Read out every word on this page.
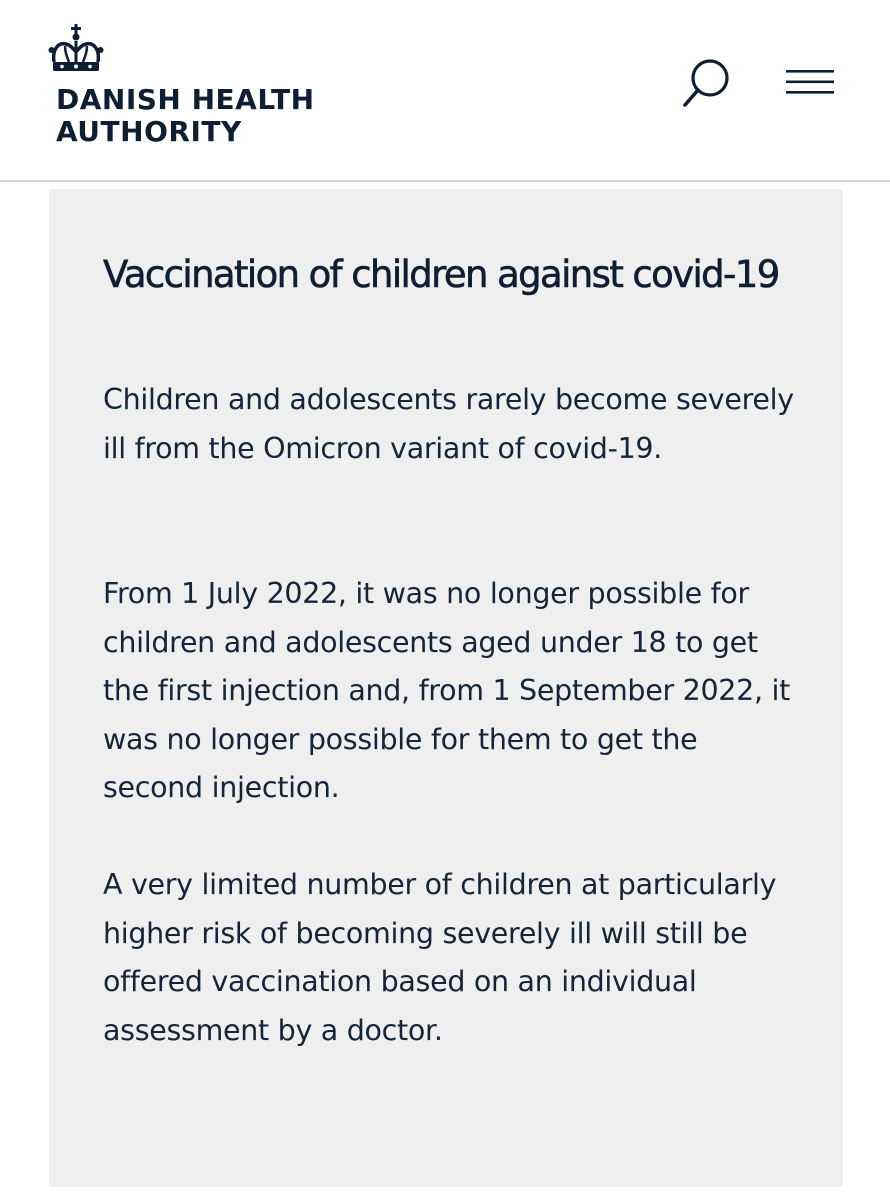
DANISH HEALTH
AUTHORITY

Vaccination of children against covid-19

Children and adolescents rarely become severely ill from the Omicron variant of covid-19.

From 1 July 2022, it was no longer possible for children and adolescents aged under 18 to get the first injection and, from 1 September 2022, it was no longer possible for them to get the second injection.

A very limited number of children at particularly higher risk of becoming severely ill will still be offered vaccination based on an individual assessment by a doctor.
